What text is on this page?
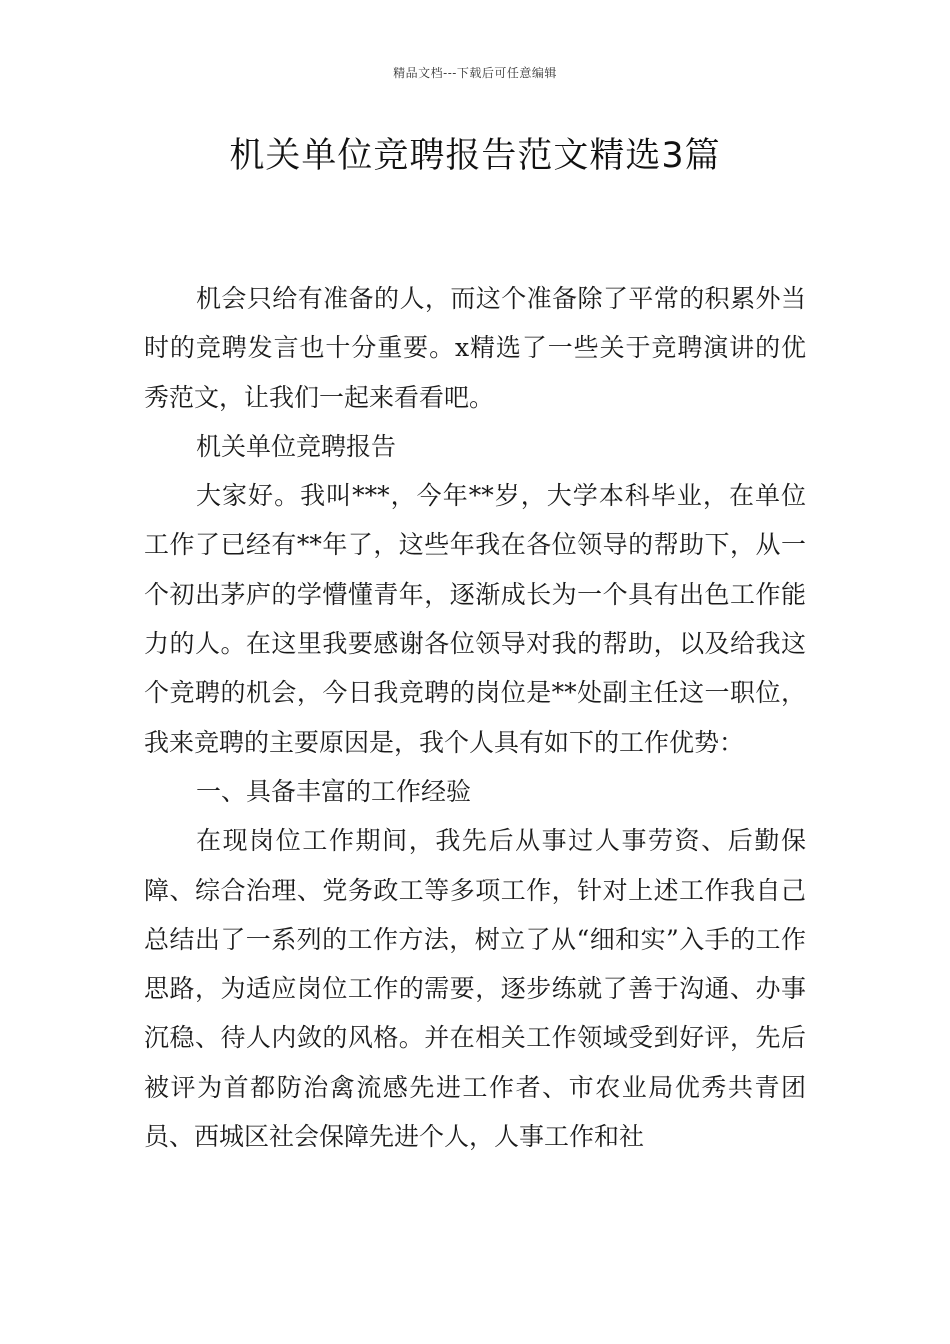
精品文档---下载后可任意编辑
机关单位竞聘报告范文精选3篇

机会只给有准备的人，而这个准备除了平常的积累外当时的竞聘发言也十分重要。x精选了一些关于竞聘演讲的优秀范文，让我们一起来看看吧。

机关单位竞聘报告

大家好。我叫***，今年**岁，大学本科毕业，在单位工作了已经有**年了，这些年我在各位领导的帮助下，从一个初出茅庐的学懵懂青年，逐渐成长为一个具有出色工作能力的人。在这里我要感谢各位领导对我的帮助，以及给我这个竞聘的机会，今日我竞聘的岗位是**处副主任这一职位，我来竞聘的主要原因是，我个人具有如下的工作优势：

一、具备丰富的工作经验

在现岗位工作期间，我先后从事过人事劳资、后勤保障、综合治理、党务政工等多项工作，针对上述工作我自己总结出了一系列的工作方法，树立了从“细和实”入手的工作思路，为适应岗位工作的需要，逐步练就了善于沟通、办事沉稳、待人内敛的风格。并在相关工作领域受到好评，先后被评为首都防治禽流感先进工作者、市农业局优秀共青团员、西城区社会保障先进个人，人事工作和社
